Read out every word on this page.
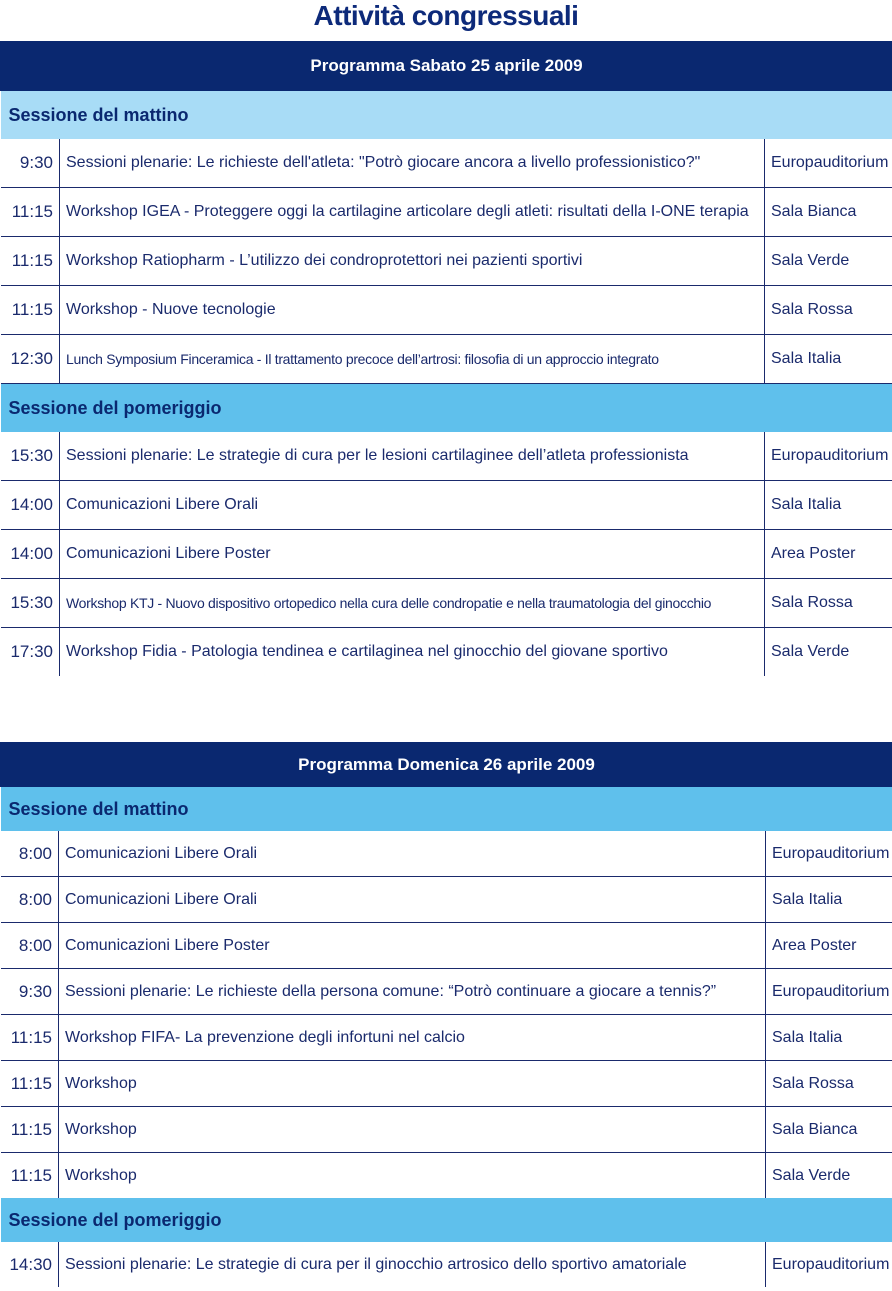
Attività congressuali
Programma Sabato 25 aprile 2009		
Sessione del mattino		
9:30	Sessioni plenarie: Le richieste dell'atleta: "Potrò giocare ancora a livello professionistico?"	Europauditorium
11:15	Workshop IGEA - Proteggere oggi la cartilagine articolare degli atleti: risultati della I-ONE terapia	Sala Bianca
11:15	Workshop Ratiopharm - L’utilizzo dei condroprotettori nei pazienti sportivi	Sala Verde
11:15	Workshop - Nuove tecnologie	Sala Rossa
12:30	Lunch Symposium Finceramica - Il trattamento precoce dell’artrosi: filosofia di un approccio integrato	Sala Italia
Sessione del pomeriggio		
15:30	Sessioni plenarie: Le strategie di cura per le lesioni cartilaginee dell’atleta professionista	Europauditorium
14:00	Comunicazioni Libere Orali	Sala Italia
14:00	Comunicazioni Libere Poster	Area Poster
15:30	Workshop KTJ - Nuovo dispositivo ortopedico nella cura delle condropatie e nella traumatologia del ginocchio	Sala Rossa
17:30	Workshop Fidia - Patologia tendinea e cartilaginea nel ginocchio del giovane sportivo	Sala Verde
Programma Domenica 26 aprile 2009		
Sessione del mattino		
8:00	Comunicazioni Libere Orali	Europauditorium
8:00	Comunicazioni Libere Orali	Sala Italia
8:00	Comunicazioni Libere Poster	Area Poster
9:30	Sessioni plenarie: Le richieste della persona comune: “Potrò continuare a giocare a tennis?”	Europauditorium
11:15	Workshop FIFA- La prevenzione degli infortuni nel calcio	Sala Italia
11:15	Workshop	Sala Rossa
11:15	Workshop	Sala Bianca
11:15	Workshop	Sala Verde
Sessione del pomeriggio		
14:30	Sessioni plenarie: Le strategie di cura per il ginocchio artrosico dello sportivo amatoriale	Europauditorium
